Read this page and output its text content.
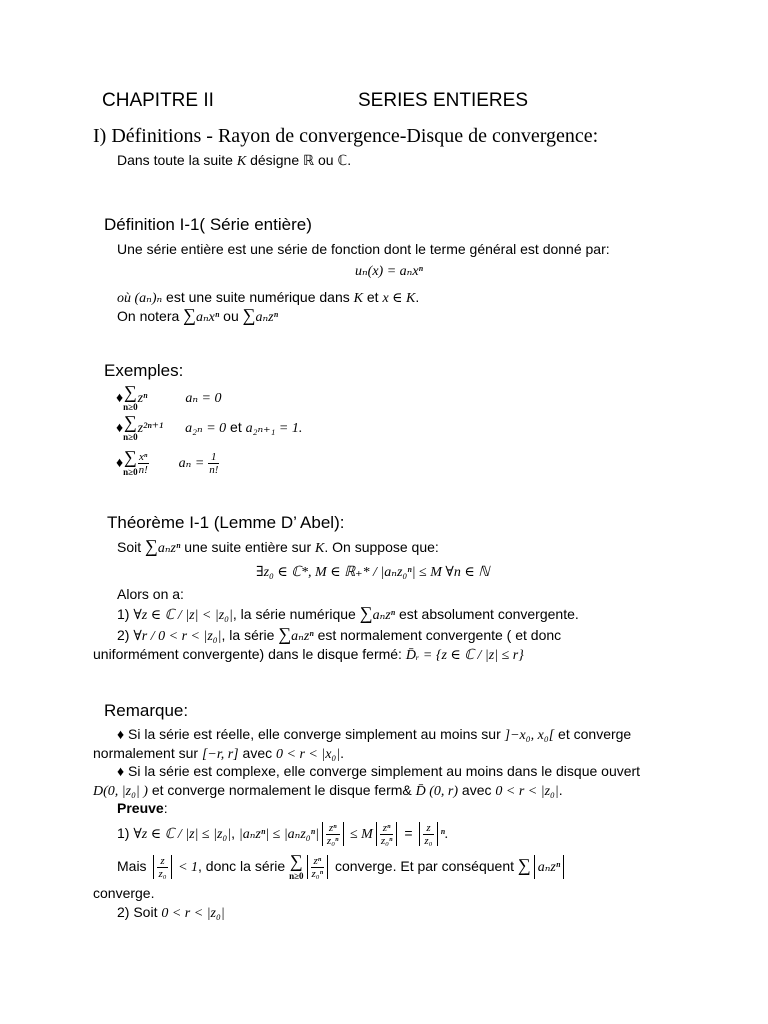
CHAPITRE II	SERIES ENTIERES
I) Définitions - Rayon de convergence-Disque de convergence:
Dans toute la suite K désigne ℝ ou ℂ.
Définition I-1( Série entière)
Une série entière est une série de fonction dont le terme général est donné par:
uₙ(x) = aₙxⁿ
où (aₙ)ₙ est une suite numérique dans K et x ∈ K.
On notera ∑aₙxⁿ ou ∑aₙzⁿ
Exemples:
♦ ∑
n≥0
zⁿ	aₙ = 0
♦ ∑
n≥0
z²ⁿ⁺¹ a₂ₙ = 0 et a₂ₙ₊₁ = 1.
♦ ∑
$n\ge 0 \frac{\text{xⁿ}}{n!}$ $a_n = \frac{1}{n!}$
Théorème I-1 (Lemme D’ Abel):
Soit ∑aₙzⁿ une suite entière sur K. On suppose que:
∃z₀ ∈ ℂ*, M ∈ ℝ₊* / |aₙz₀ⁿ| ≤ M ∀n ∈ ℕ
Alors on a:
1) ∀z ∈ ℂ / |z| < |z₀|, la série numérique ∑aₙzⁿ est absolument convergente.
2) ∀r / 0 < r < |z₀|, la série ∑aₙzⁿ est normalement convergente ( et donc
uniformément convergente) dans le disque fermé: D̄ᵣ = {z ∈ ℂ / |z| ≤ r}
Remarque:
♦ Si la série est réelle, elle converge simplement au moins sur ]−x₀, x₀[ et converge
normalement sur [−r, r] avec 0 < r < |x₀|.
♦ Si la série est complexe, elle converge simplement au moins dans le disque ouvert
D(0, |z₀| ) et converge normalement le disque ferm& D̄ (0, r) avec 0 < r < |z₀|.
Preuve:
1) ∀z ∈ ℂ / |z| ≤ |z₀|, $|a_nz^n| \le |a_nz_0^n| \frac{\text{zⁿ}}{\text{z₀ⁿ}} \le M \frac{\text{zⁿ}}{\text{z₀ⁿ}} = \frac{z}{\text{z₀}} ^n$.
Mais $\frac{z}{\text{z₀}} < 1$, donc la série ∑
$n\ge 0 \frac{\text{zⁿ}}{\text{z₀ⁿ}}$ converge. Et par conséquent ∑ aₙzⁿ
converge.
2) Soit 0 < r < |z₀|
